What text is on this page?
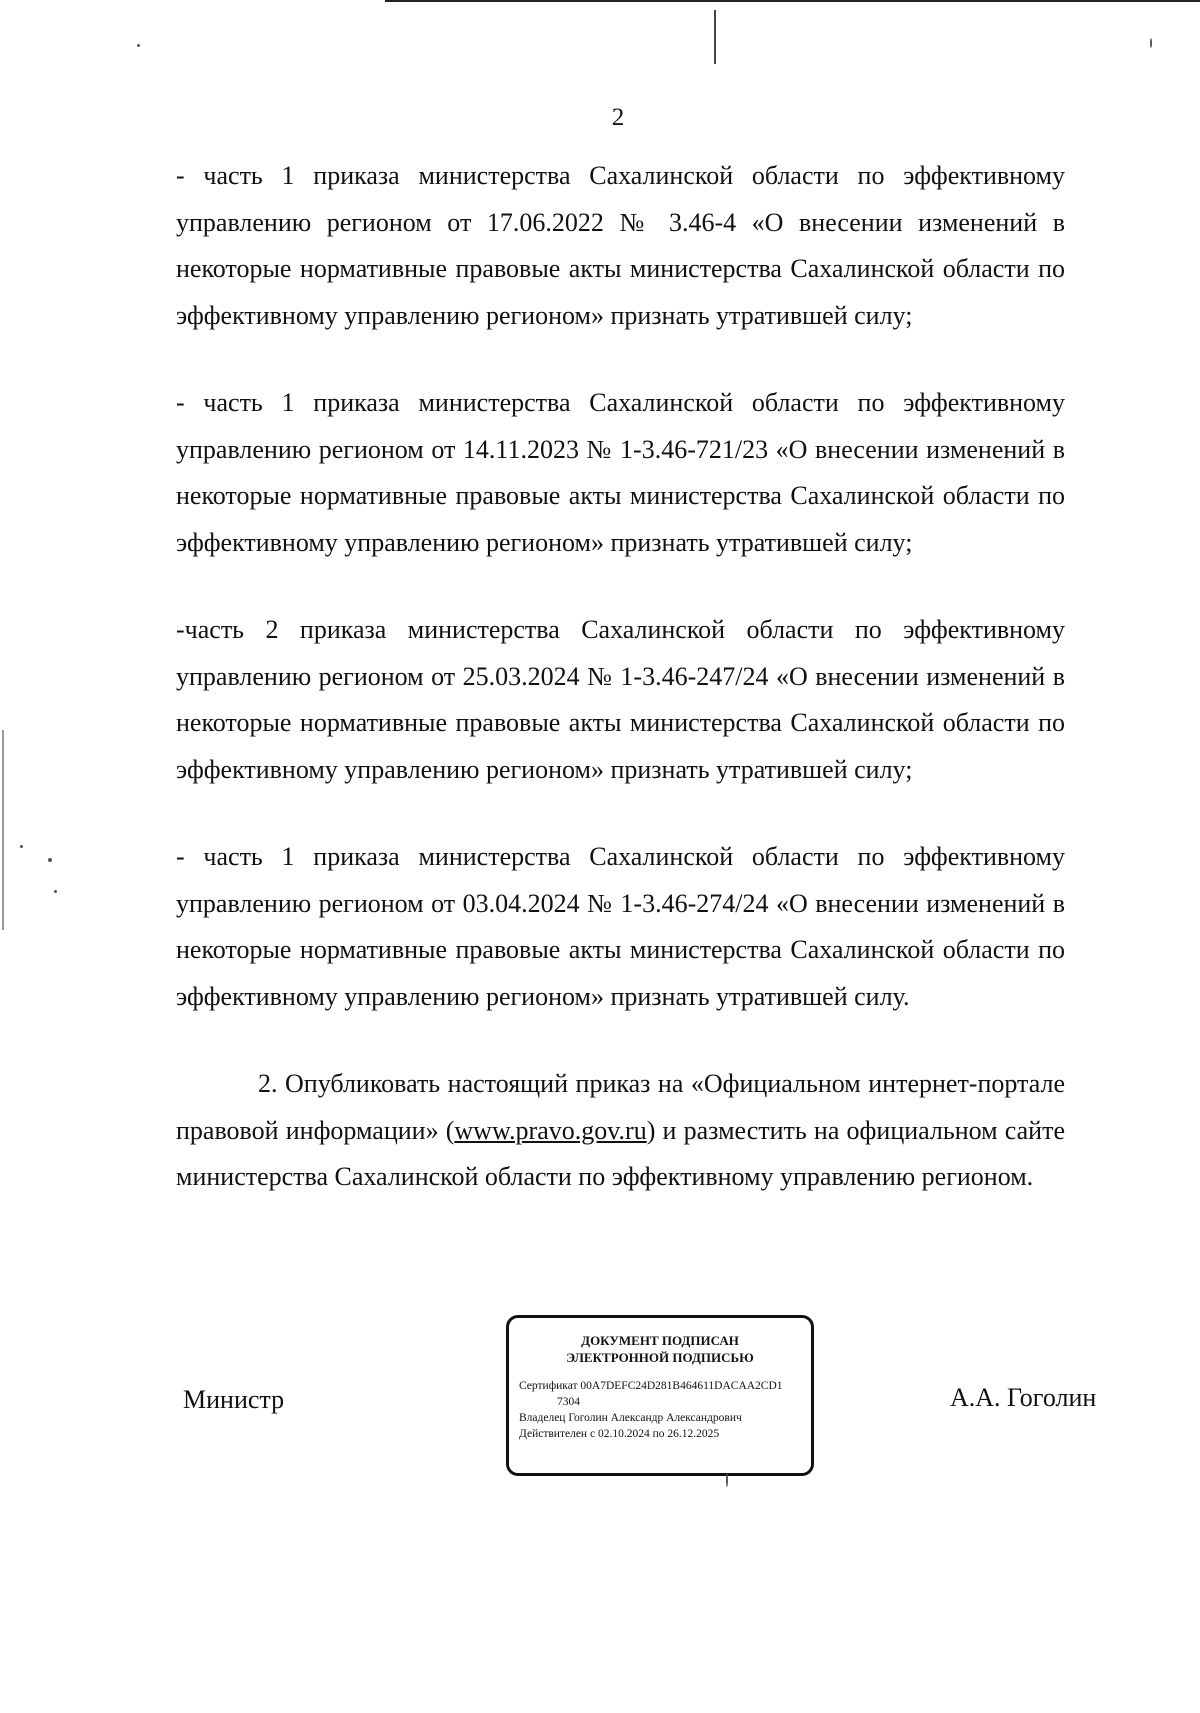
2

- часть 1 приказа министерства Сахалинской области по эффективному управлению регионом от 17.06.2022 № 3.46-4 «О внесении изменений в некоторые нормативные правовые акты министерства Сахалинской области по эффективному управлению регионом» признать утратившей силу;

- часть 1 приказа министерства Сахалинской области по эффективному управлению регионом от 14.11.2023 № 1-3.46-721/23 «О внесении изменений в некоторые нормативные правовые акты министерства Сахалинской области по эффективному управлению регионом» признать утратившей силу;

-часть 2 приказа министерства Сахалинской области по эффективному управлению регионом от 25.03.2024 № 1-3.46-247/24 «О внесении изменений в некоторые нормативные правовые акты министерства Сахалинской области по эффективному управлению регионом» признать утратившей силу;

- часть 1 приказа министерства Сахалинской области по эффективному управлению регионом от 03.04.2024 № 1-3.46-274/24 «О внесении изменений в некоторые нормативные правовые акты министерства Сахалинской области по эффективному управлению регионом» признать утратившей силу.

2. Опубликовать настоящий приказ на «Официальном интернет-портале правовой информации» (www.pravo.gov.ru) и разместить на официальном сайте министерства Сахалинской области по эффективному управлению регионом.

Министр
ДОКУМЕНТ ПОДПИСАН
ЭЛЕКТРОННОЙ ПОДПИСЬЮ
Сертификат 00A7DEFC24D281B464611DACAA2CD1
7304
Владелец Гоголин Александр Александрович
Действителен с 02.10.2024 по 26.12.2025
А.А. Гоголин
